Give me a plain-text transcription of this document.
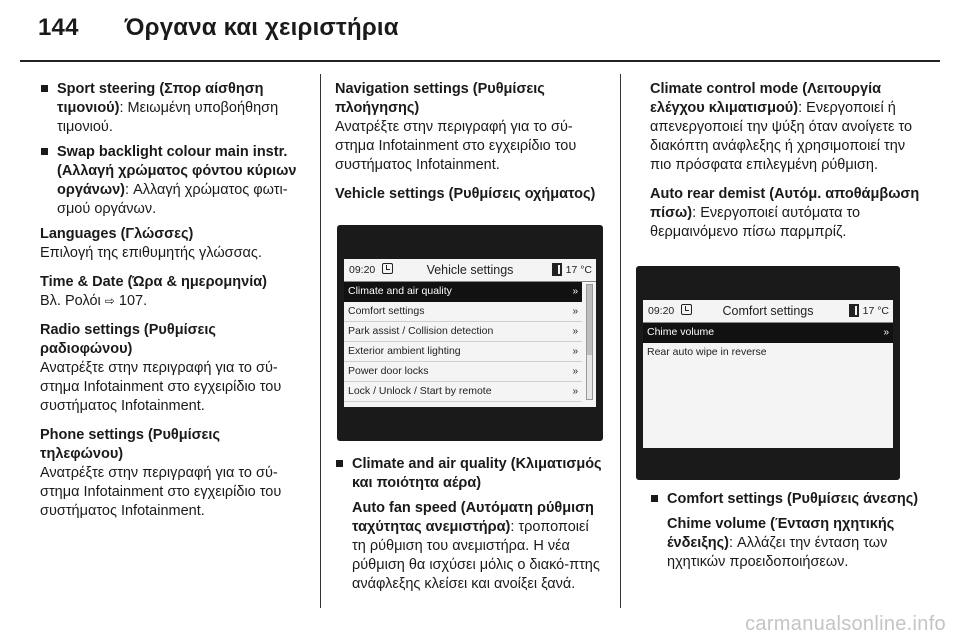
144 Όργανα και χειριστήρια
Sport steering (Σπορ αίσθηση τιμονιού): Μειωμένη υποβοήθηση τιμονιού.
Swap backlight colour main instr. (Αλλαγή χρώματος φόντου κύριων οργάνων): Αλλαγή χρώματος φωτι-σμού οργάνων.
Languages (Γλώσσες)
Επιλογή της επιθυμητής γλώσσας.
Time & Date (Ώρα & ημερομηνία)
Βλ. Ρολόι ⇨ 107.
Radio settings (Ρυθμίσεις ραδιοφώνου)
Ανατρέξτε στην περιγραφή για το σύ-στημα Infotainment στο εγχειρίδιο του συστήματος Infotainment.
Phone settings (Ρυθμίσεις τηλεφώνου)
Ανατρέξτε στην περιγραφή για το σύ-στημα Infotainment στο εγχειρίδιο του συστήματος Infotainment.
Navigation settings (Ρυθμίσεις πλοήγησης)
Ανατρέξτε στην περιγραφή για το σύ-στημα Infotainment στο εγχειρίδιο του συστήματος Infotainment.
Vehicle settings (Ρυθμίσεις οχήματος)
09:20	Vehicle settings	17 °C
Climate and air quality	»
Comfort settings	»
Park assist / Collision detection	»
Exterior ambient lighting	»
Power door locks	»
Lock / Unlock / Start by remote	»
Climate and air quality (Κλιματισμός και ποιότητα αέρα)
Auto fan speed (Αυτόματη ρύθμιση ταχύτητας ανεμιστήρα): τροποποιεί τη ρύθμιση του ανεμιστήρα. Η νέα ρύθμιση θα ισχύσει μόλις ο διακό-πτης ανάφλεξης κλείσει και ανοίξει ξανά.
Climate control mode (Λειτουργία ελέγχου κλιματισμού): Ενεργοποιεί ή απενεργοποιεί την ψύξη όταν ανοίγετε το διακόπτη ανάφλεξης ή χρησιμοποιεί την πιο πρόσφατα επιλεγμένη ρύθμιση.
Auto rear demist (Αυτόμ. αποθάμβωση πίσω): Ενεργοποιεί αυτόματα το θερμαινόμενο πίσω παρμπρίζ.
09:20	Comfort settings	17 °C
Chime volume	»
Rear auto wipe in reverse
Comfort settings (Ρυθμίσεις άνεσης)
Chime volume (Ένταση ηχητικής ένδειξης): Αλλάζει την ένταση των ηχητικών προειδοποιήσεων.
carmanualsonline.info
